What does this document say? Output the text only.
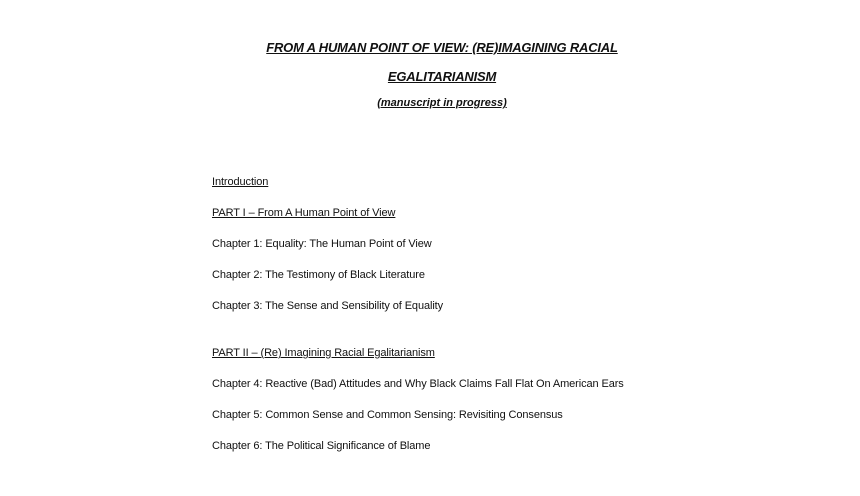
FROM A HUMAN POINT OF VIEW: (RE)IMAGINING RACIAL
EGALITARIANISM
(manuscript in progress)
Introduction
PART I – From A Human Point of View
Chapter 1: Equality: The Human Point of View
Chapter 2: The Testimony of Black Literature
Chapter 3: The Sense and Sensibility of Equality
PART II – (Re) Imagining Racial Egalitarianism
Chapter 4: Reactive (Bad) Attitudes and Why Black Claims Fall Flat On American Ears
Chapter 5: Common Sense and Common Sensing: Revisiting Consensus
Chapter 6: The Political Significance of Blame
